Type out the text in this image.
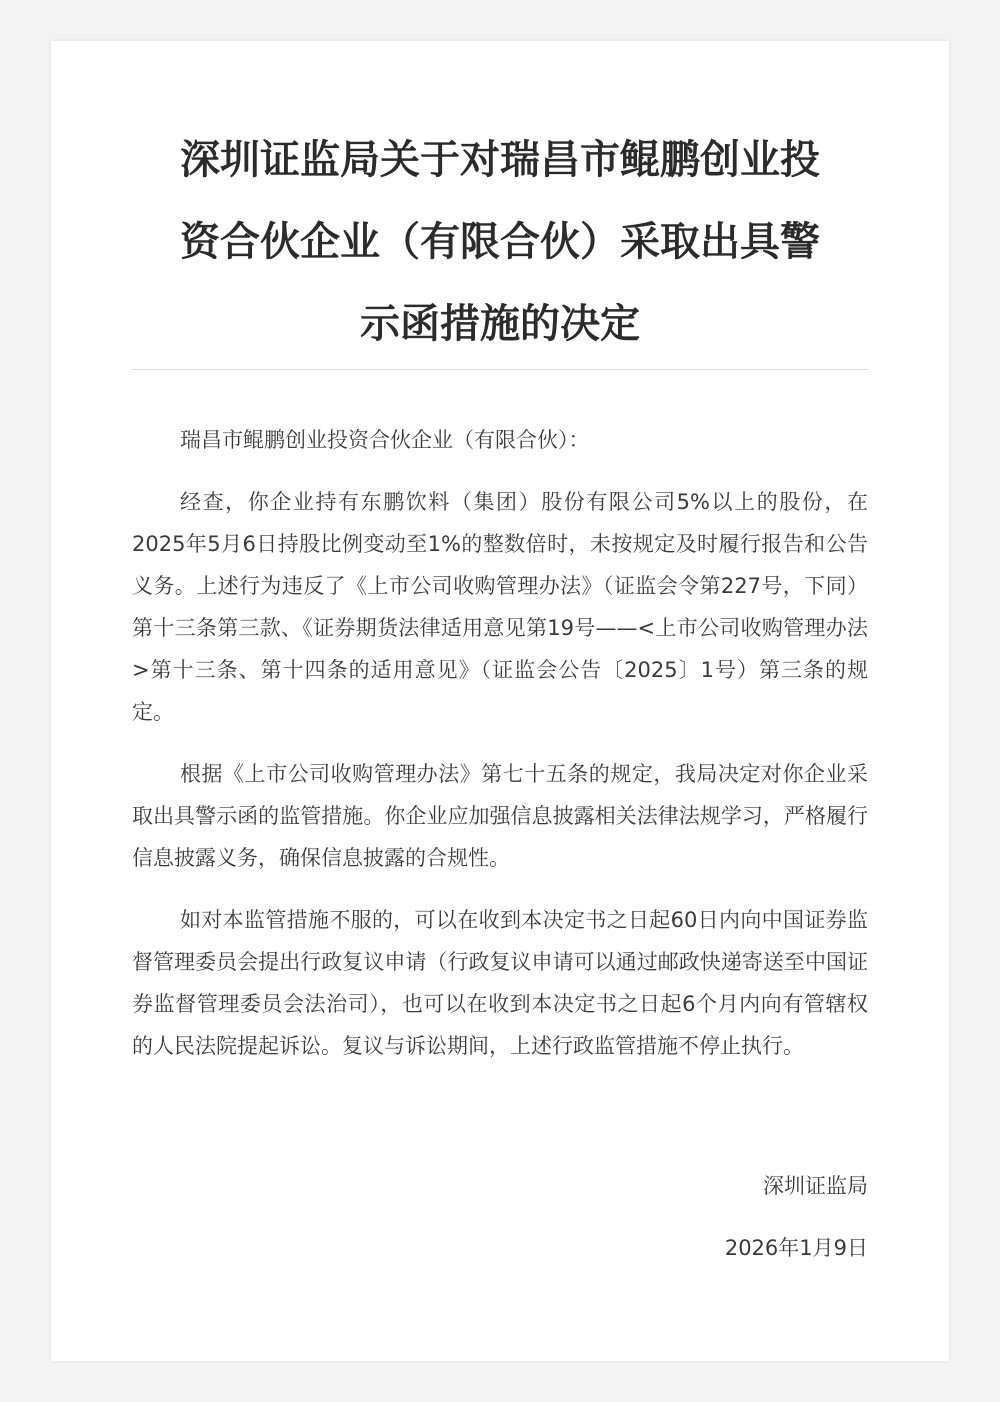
深圳证监局关于对瑞昌市鲲鹏创业投

资合伙企业（有限合伙）采取出具警

示函措施的决定

瑞昌市鲲鹏创业投资合伙企业（有限合伙）：

经查，你企业持有东鹏饮料（集团）股份有限公司5%以上的股份，在2025年5月6日持股比例变动至1%的整数倍时，未按规定及时履行报告和公告义务。上述行为违反了《上市公司收购管理办法》（证监会令第227号，下同）第十三条第三款、《证券期货法律适用意见第19号——<上市公司收购管理办法>第十三条、第十四条的适用意见》（证监会公告〔2025〕1号）第三条的规定。

根据《上市公司收购管理办法》第七十五条的规定，我局决定对你企业采取出具警示函的监管措施。你企业应加强信息披露相关法律法规学习，严格履行信息披露义务，确保信息披露的合规性。

如对本监管措施不服的，可以在收到本决定书之日起60日内向中国证券监督管理委员会提出行政复议申请（行政复议申请可以通过邮政快递寄送至中国证券监督管理委员会法治司），也可以在收到本决定书之日起6个月内向有管辖权的人民法院提起诉讼。复议与诉讼期间，上述行政监管措施不停止执行。

深圳证监局
2026年1月9日
